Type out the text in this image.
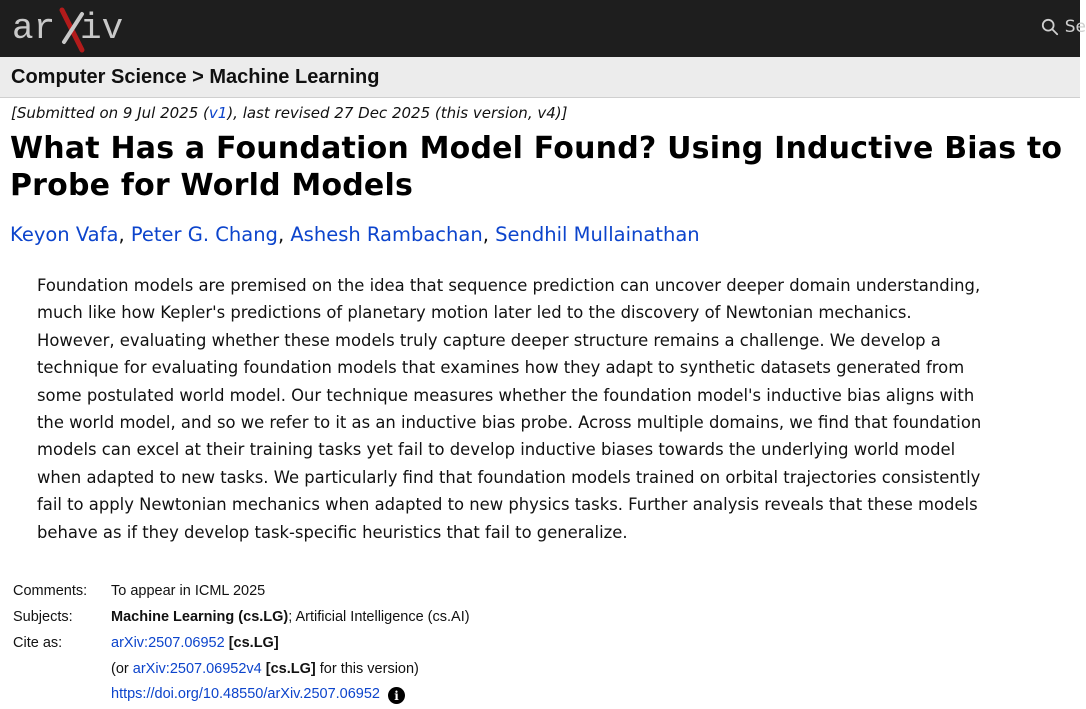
ar iv	Se
Computer Science > Machine Learning
[Submitted on 9 Jul 2025 (v1), last revised 27 Dec 2025 (this version, v4)]
What Has a Foundation Model Found? Using Inductive Bias to Probe for World Models
Keyon Vafa, Peter G. Chang, Ashesh Rambachan, Sendhil Mullainathan
Foundation models are premised on the idea that sequence prediction can uncover deeper domain understanding,
much like how Kepler's predictions of planetary motion later led to the discovery of Newtonian mechanics.
However, evaluating whether these models truly capture deeper structure remains a challenge. We develop a
technique for evaluating foundation models that examines how they adapt to synthetic datasets generated from
some postulated world model. Our technique measures whether the foundation model's inductive bias aligns with
the world model, and so we refer to it as an inductive bias probe. Across multiple domains, we find that foundation
models can excel at their training tasks yet fail to develop inductive biases towards the underlying world model
when adapted to new tasks. We particularly find that foundation models trained on orbital trajectories consistently
fail to apply Newtonian mechanics when adapted to new physics tasks. Further analysis reveals that these models
behave as if they develop task-specific heuristics that fail to generalize.
Comments:	To appear in ICML 2025
Subjects:	Machine Learning (cs.LG); Artificial Intelligence (cs.AI)
Cite as:	arXiv:2507.06952 [cs.LG]
(or arXiv:2507.06952v4 [cs.LG] for this version)
https://doi.org/10.48550/arXiv.2507.06952 i
